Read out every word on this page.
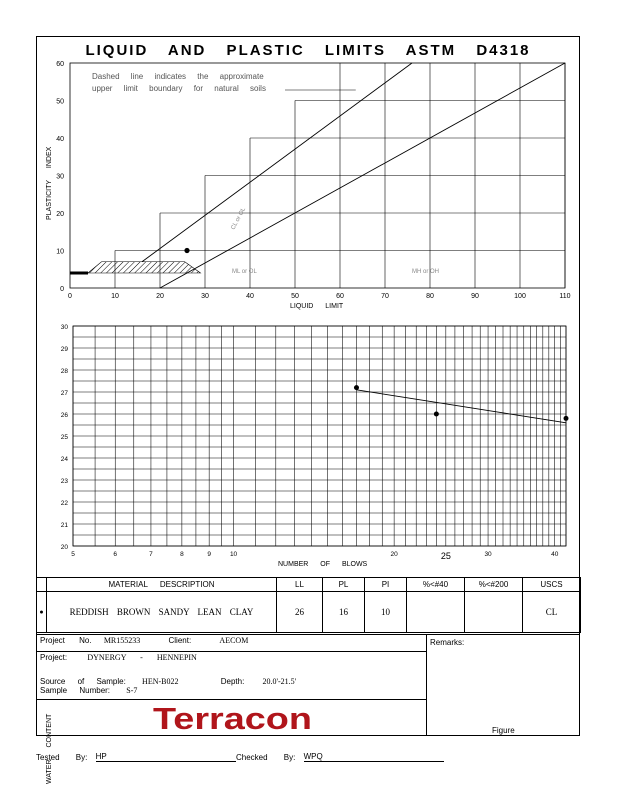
LIQUID AND PLASTIC LIMITS ASTM D4318
0	10	20	30	40	50	60	70	80	90	100	110
0
10
20
30
40
50
60
Dashed line indicates the approximate
upper limit boundary for natural soils
PLASTICITY INDEX
LIQUID LIMIT
CL or OL
ML or OL	MH or OH
20
21
22
23
24
25
26
27
28
29
30
5	6	7	8	9	10	20	25	30	40
WATER CONTENT
NUMBER OF BLOWS
	MATERIAL DESCRIPTION	LL	PL	PI	%<#40	%<#200	USCS
●	REDDISH BROWN SANDY LEAN CLAY	26	16	10			CL
Project No. MR155233	Client:	AECOM
Project:	DYNERGY - HENNEPIN
Source of Sample: HEN-B022	Depth: 20.0'-21.5'
Sample Number: S-7
Remarks:
Figure
Terracon
Tested By: HP	Checked By: WPQ
